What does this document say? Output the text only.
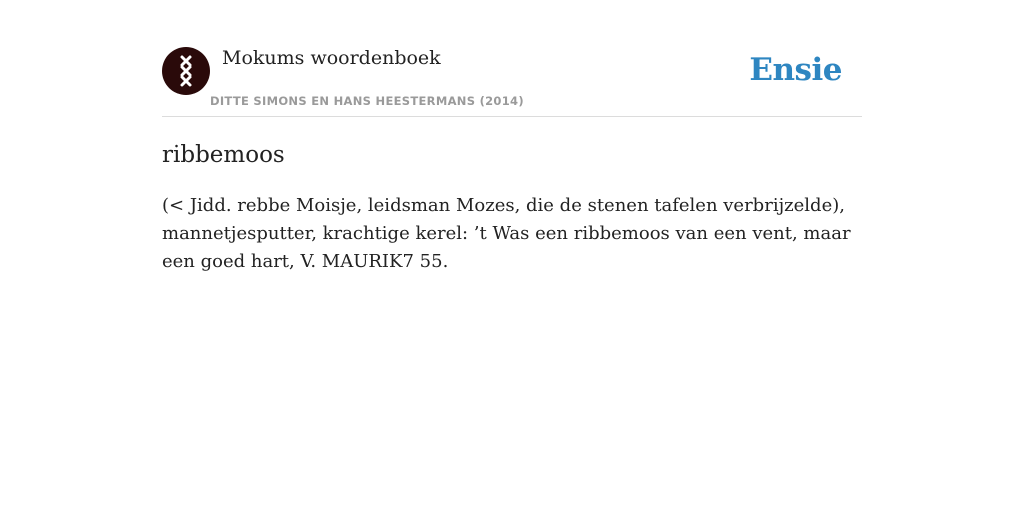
Mokums woordenboek
DITTE SIMONS EN HANS HEESTERMANS (2014)
Ensie
ribbemoos
(< Jidd. rebbe Moisje, leidsman Mozes, die de stenen tafelen verbrijzelde), mannetjesputter, krachtige kerel: ’t Was een ribbemoos van een vent, maar een goed hart, V. MAURIK7 55.
